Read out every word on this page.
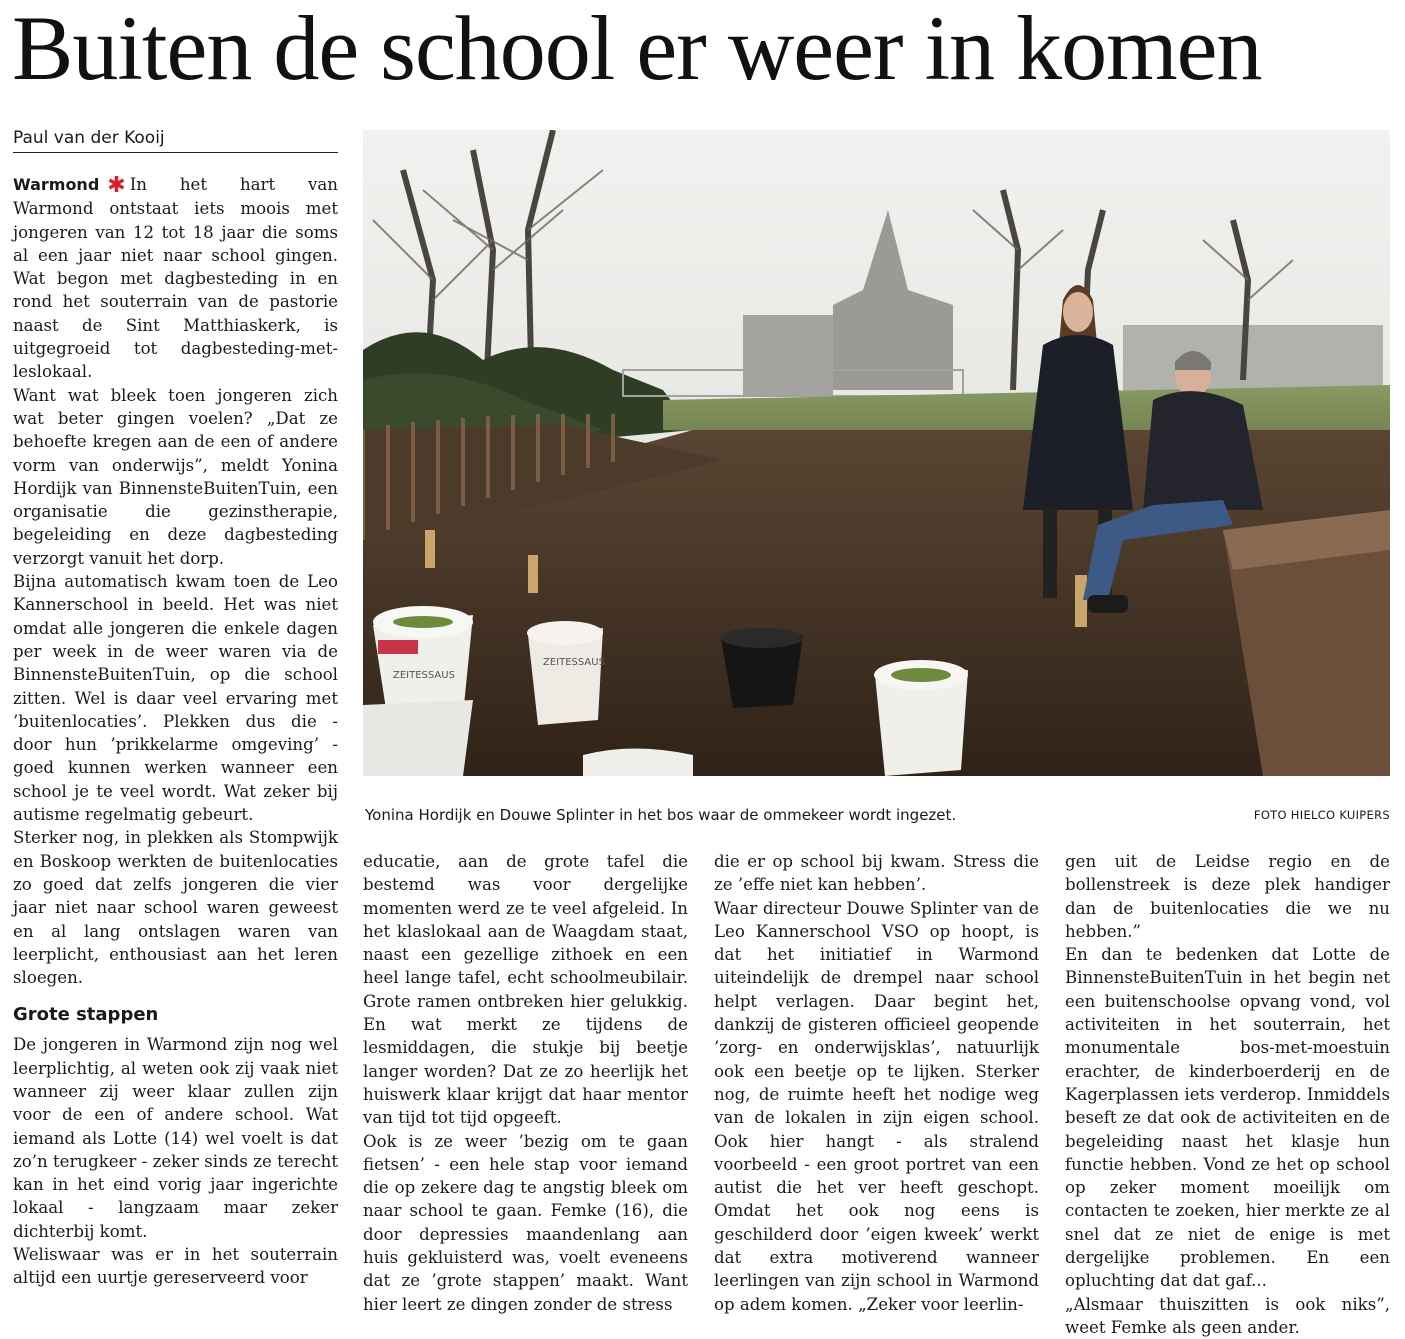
Buiten de school er weer in komen
Paul van der Kooij

Warmond ✱ In het hart van Warmond ontstaat iets moois met jongeren van 12 tot 18 jaar die soms al een jaar niet naar school gingen. Wat begon met dagbesteding in en rond het souterrain van de pastorie naast de Sint Matthiaskerk, is uitgegroeid tot dagbesteding-met-leslokaal.

Want wat bleek toen jongeren zich wat beter gingen voelen? „Dat ze behoefte kregen aan de een of andere vorm van onderwijs”, meldt Yonina Hordijk van BinnensteBuitenTuin, een organisatie die gezinstherapie, begeleiding en deze dagbesteding verzorgt vanuit het dorp.

Bijna automatisch kwam toen de Leo Kannerschool in beeld. Het was niet omdat alle jongeren die enkele dagen per week in de weer waren via de BinnensteBuitenTuin, op die school zitten. Wel is daar veel ervaring met ’buitenlocaties’. Plekken dus die - door hun ’prikkelarme omgeving’ - goed kunnen werken wanneer een school je te veel wordt. Wat zeker bij autisme regelmatig gebeurt.

Sterker nog, in plekken als Stompwijk en Boskoop werkten de buitenlocaties zo goed dat zelfs jongeren die vier jaar niet naar school waren geweest en al lang ontslagen waren van leerplicht, enthousiast aan het leren sloegen.

Grote stappen

De jongeren in Warmond zijn nog wel leerplichtig, al weten ook zij vaak niet wanneer zij weer klaar zullen zijn voor de een of andere school. Wat iemand als Lotte (14) wel voelt is dat zo’n terugkeer - zeker sinds ze terecht kan in het eind vorig jaar ingerichte lokaal - langzaam maar zeker dichterbij komt.

Weliswaar was er in het souterrain altijd een uurtje gereserveerd voor

ZEITESSAUS
ZEITESSAUS
Yonina Hordijk en Douwe Splinter in het bos waar de ommekeer wordt ingezet.	FOTO HIELCO KUIPERS

educatie, aan de grote tafel die bestemd was voor dergelijke momenten werd ze te veel afgeleid. In het klaslokaal aan de Waagdam staat, naast een gezellige zithoek en een heel lange tafel, echt schoolmeubilair. Grote ramen ontbreken hier gelukkig. En wat merkt ze tijdens de lesmiddagen, die stukje bij beetje langer worden? Dat ze zo heerlijk het huiswerk klaar krijgt dat haar mentor van tijd tot tijd opgeeft.

Ook is ze weer ’bezig om te gaan fietsen’ - een hele stap voor iemand die op zekere dag te angstig bleek om naar school te gaan. Femke (16), die door depressies maandenlang aan huis gekluisterd was, voelt eveneens dat ze ’grote stappen’ maakt. Want hier leert ze dingen zonder de stress

die er op school bij kwam. Stress die ze ’effe niet kan hebben’.

Waar directeur Douwe Splinter van de Leo Kannerschool VSO op hoopt, is dat het initiatief in Warmond uiteindelijk de drempel naar school helpt verlagen. Daar begint het, dankzij de gisteren officieel geopende ’zorg- en onderwijsklas’, natuurlijk ook een beetje op te lijken. Sterker nog, de ruimte heeft het nodige weg van de lokalen in zijn eigen school. Ook hier hangt - als stralend voorbeeld - een groot portret van een autist die het ver heeft geschopt. Omdat het ook nog eens is geschilderd door ’eigen kweek’ werkt dat extra motiverend wanneer leerlingen van zijn school in Warmond op adem komen. „Zeker voor leerlin-

gen uit de Leidse regio en de bollenstreek is deze plek handiger dan de buitenlocaties die we nu hebben.”

En dan te bedenken dat Lotte de BinnensteBuitenTuin in het begin net een buitenschoolse opvang vond, vol activiteiten in het souterrain, het monumentale bos-met-moestuin erachter, de kinderboerderij en de Kagerplassen iets verderop. Inmiddels beseft ze dat ook de activiteiten en de begeleiding naast het klasje hun functie hebben. Vond ze het op school op zeker moment moeilijk om contacten te zoeken, hier merkte ze al snel dat ze niet de enige is met dergelijke problemen. En een opluchting dat dat gaf...

„Alsmaar thuiszitten is ook niks”, weet Femke als geen ander.
